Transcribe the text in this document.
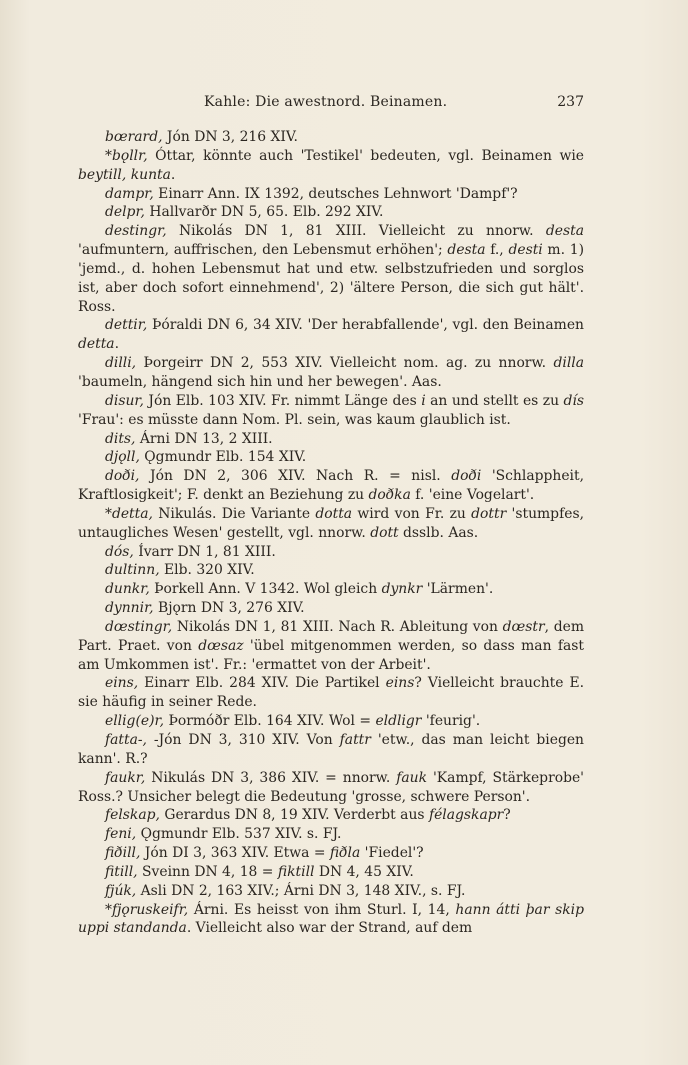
Kahle: Die awestnord. Beinamen.	237

bœrard, Jón DN 3, 216 XIV.

*bǫllr, Óttar, könnte auch 'Testikel' bedeuten, vgl. Beinamen wie beytill, kunta.

dampr, Einarr Ann. IX 1392, deutsches Lehnwort 'Dampf'?

delpr, Hallvarðr DN 5, 65. Elb. 292 XIV.

destingr, Nikolás DN 1, 81 XIII. Vielleicht zu nnorw. desta 'aufmuntern, auffrischen, den Lebensmut erhöhen'; desta f., desti m. 1) 'jemd., d. hohen Lebensmut hat und etw. selbstzufrieden und sorglos ist, aber doch sofort einnehmend', 2) 'ältere Person, die sich gut hält'. Ross.

dettir, Þóraldi DN 6, 34 XIV. 'Der herabfallende', vgl. den Beinamen detta.

dilli, Þorgeirr DN 2, 553 XIV. Vielleicht nom. ag. zu nnorw. dilla 'baumeln, hängend sich hin und her bewegen'. Aas.

disur, Jón Elb. 103 XIV. Fr. nimmt Länge des i an und stellt es zu dís 'Frau': es müsste dann Nom. Pl. sein, was kaum glaublich ist.

dits, Árni DN 13, 2 XIII.

djǫll, Ǫgmundr Elb. 154 XIV.

doði, Jón DN 2, 306 XIV. Nach R. = nisl. doði 'Schlappheit, Kraftlosigkeit'; F. denkt an Beziehung zu doðka f. 'eine Vogelart'.

*detta, Nikulás. Die Variante dotta wird von Fr. zu dottr 'stumpfes, untaugliches Wesen' gestellt, vgl. nnorw. dott dsslb. Aas.

dós, Ívarr DN 1, 81 XIII.

dultinn, Elb. 320 XIV.

dunkr, Þorkell Ann. V 1342. Wol gleich dynkr 'Lärmen'.

dynnir, Bjǫrn DN 3, 276 XIV.

dœstingr, Nikolás DN 1, 81 XIII. Nach R. Ableitung von dœstr, dem Part. Praet. von dœsaz 'übel mitgenommen werden, so dass man fast am Umkommen ist'. Fr.: 'ermattet von der Arbeit'.

eins, Einarr Elb. 284 XIV. Die Partikel eins? Vielleicht brauchte E. sie häufig in seiner Rede.

ellig(e)r, Þormóðr Elb. 164 XIV. Wol = eldligr 'feurig'.

fatta-, -Jón DN 3, 310 XIV. Von fattr 'etw., das man leicht biegen kann'. R.?

faukr, Nikulás DN 3, 386 XIV. = nnorw. fauk 'Kampf, Stärkeprobe' Ross.? Unsicher belegt die Bedeutung 'grosse, schwere Person'.

felskap, Gerardus DN 8, 19 XIV. Verderbt aus félagskapr?

feni, Ǫgmundr Elb. 537 XIV. s. FJ.

fiðill, Jón DI 3, 363 XIV. Etwa = fiðla 'Fiedel'?

fitill, Sveinn DN 4, 18 = fiktill DN 4, 45 XIV.

fjúk, Asli DN 2, 163 XIV.; Árni DN 3, 148 XIV., s. FJ.

*fjǫruskeifr, Árni. Es heisst von ihm Sturl. I, 14, hann átti þar skip uppi standanda. Vielleicht also war der Strand, auf dem
